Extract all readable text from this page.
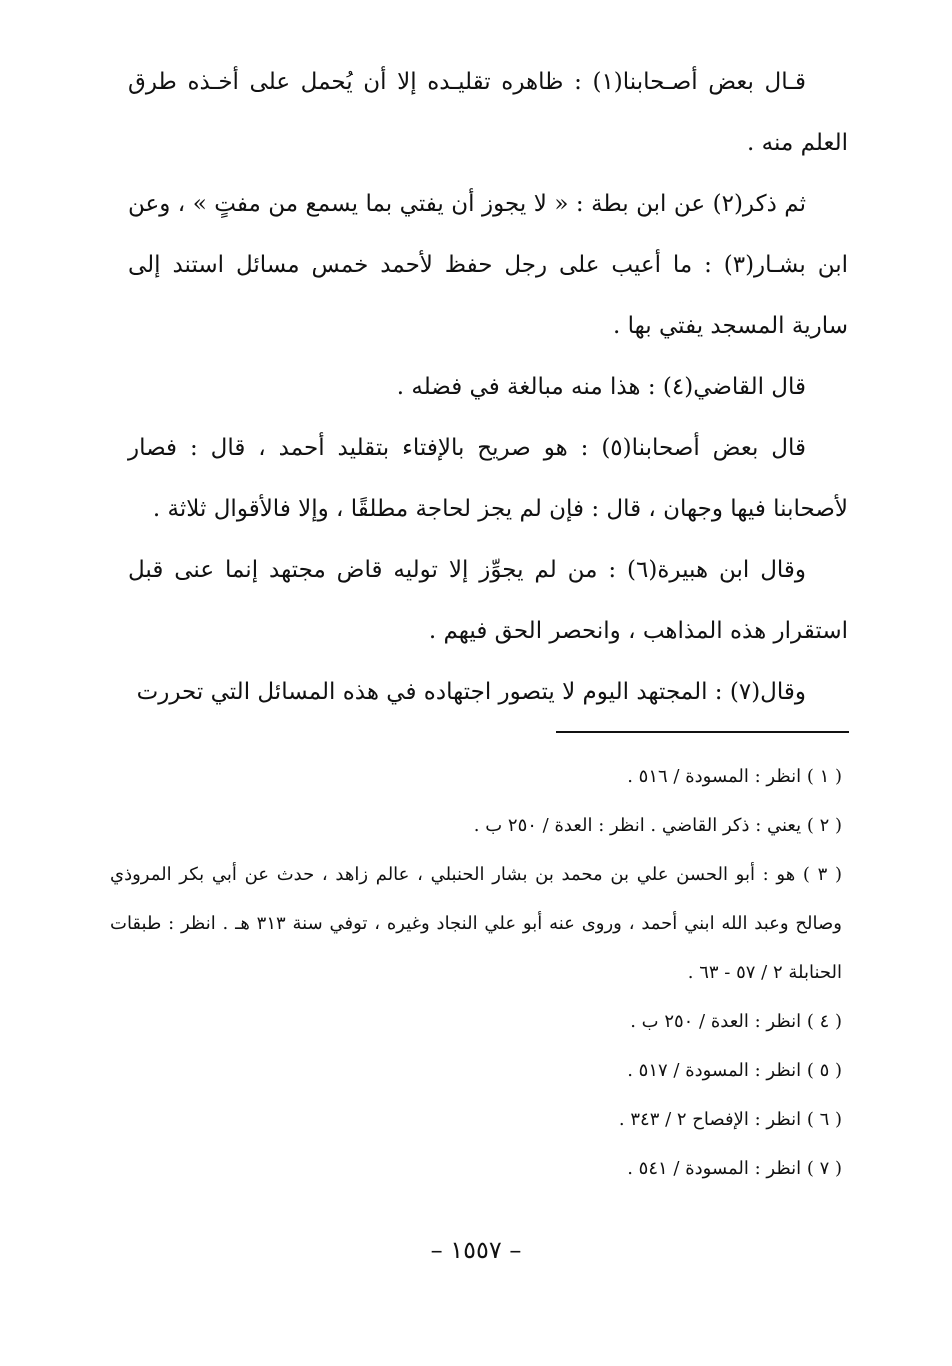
قـال بعض أصـحابنا(١) : ظاهره تقليـده إلا أن يُحمل على أخـذه طرق العلم منه .

ثم ذكر(٢) عن ابن بطة : « لا يجوز أن يفتي بما يسمع من مفتٍ » ، وعن ابن بشـار(٣) : ما أعيب على رجل حفظ لأحمد خمس مسائل استند إلى سارية المسجد يفتي بها .

قال القاضي(٤) : هذا منه مبالغة في فضله .

قال بعض أصحابنا(٥) : هو صريح بالإفتاء بتقليد أحمد ، قال : فصار لأصحابنا فيها وجهان ، قال : فإن لم يجز لحاجة مطلقًا ، وإلا فالأقوال ثلاثة .

وقال ابن هبيرة(٦) : من لم يجوِّز إلا توليه قاض مجتهد إنما عنى قبل استقرار هذه المذاهب ، وانحصر الحق فيهم .

وقال(٧) : المجتهد اليوم لا يتصور اجتهاده في هذه المسائل التي تحررت

( ١ ) انظر : المسودة / ٥١٦ .

( ٢ ) يعني : ذكر القاضي . انظر : العدة / ٢٥٠ ب .

( ٣ ) هو : أبو الحسن علي بن محمد بن بشار الحنبلي ، عالم زاهد ، حدث عن أبي بكر المروذي وصالح وعبد الله ابني أحمد ، وروى عنه أبو علي النجاد وغيره ، توفي سنة ٣١٣ هـ . انظر : طبقات الحنابلة ٢ / ٥٧ - ٦٣ .

( ٤ ) انظر : العدة / ٢٥٠ ب .

( ٥ ) انظر : المسودة / ٥١٧ .

( ٦ ) انظر : الإفصاح ٢ / ٣٤٣ .

( ٧ ) انظر : المسودة / ٥٤١ .

– ١٥٥٧ –
